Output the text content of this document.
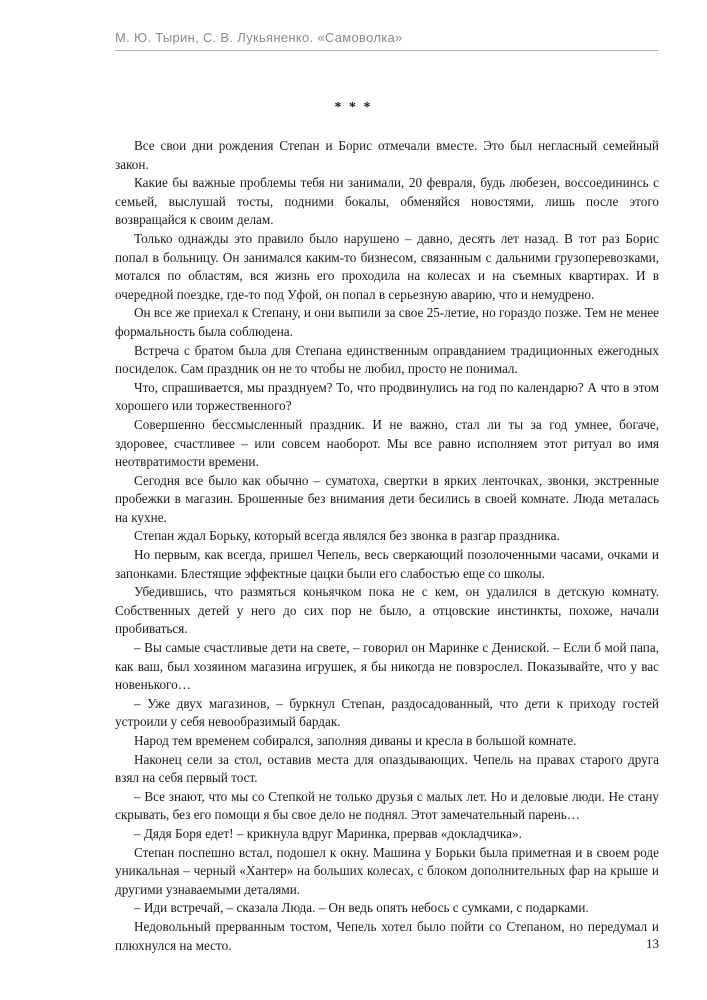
М. Ю. Тырин, С. В. Лукьяненко. «Самоволка»
* * *

Все свои дни рождения Степан и Борис отмечали вместе. Это был негласный семейный закон.

Какие бы важные проблемы тебя ни занимали, 20 февраля, будь любезен, воссоедининсь с семьей, выслушай тосты, подними бокалы, обменяйся новостями, лишь после этого возвращайся к своим делам.

Только однажды это правило было нарушено – давно, десять лет назад. В тот раз Борис попал в больницу. Он занимался каким-то бизнесом, связанным с дальними грузоперевозками, мотался по областям, вся жизнь его проходила на колесах и на съемных квартирах. И в очередной поездке, где-то под Уфой, он попал в серьезную аварию, что и немудрено.

Он все же приехал к Степану, и они выпили за свое 25-летие, но гораздо позже. Тем не менее формальность была соблюдена.

Встреча с братом была для Степана единственным оправданием традиционных ежегодных посиделок. Сам праздник он не то чтобы не любил, просто не понимал.

Что, спрашивается, мы празднуем? То, что продвинулись на год по календарю? А что в этом хорошего или торжественного?

Совершенно бессмысленный праздник. И не важно, стал ли ты за год умнее, богаче, здоровее, счастливее – или совсем наоборот. Мы все равно исполняем этот ритуал во имя неотвратимости времени.

Сегодня все было как обычно – суматоха, свертки в ярких ленточках, звонки, экстренные пробежки в магазин. Брошенные без внимания дети бесились в своей комнате. Люда металась на кухне.

Степан ждал Борьку, который всегда являлся без звонка в разгар праздника.

Но первым, как всегда, пришел Чепель, весь сверкающий позолоченными часами, очками и запонками. Блестящие эффектные цацки были его слабостью еще со школы.

Убедившись, что размяться коньячком пока не с кем, он удалился в детскую комнату. Собственных детей у него до сих пор не было, а отцовские инстинкты, похоже, начали пробиваться.

– Вы самые счастливые дети на свете, – говорил он Маринке с Дениской. – Если б мой папа, как ваш, был хозяином магазина игрушек, я бы никогда не повзрослел. Показывайте, что у вас новенького…

– Уже двух магазинов, – буркнул Степан, раздосадованный, что дети к приходу гостей устроили у себя невообразимый бардак.

Народ тем временем собирался, заполняя диваны и кресла в большой комнате.

Наконец сели за стол, оставив места для опаздывающих. Чепель на правах старого друга взял на себя первый тост.

– Все знают, что мы со Степкой не только друзья с малых лет. Но и деловые люди. Не стану скрывать, без его помощи я бы свое дело не поднял. Этот замечательный парень…

– Дядя Боря едет! – крикнула вдруг Маринка, прервав «докладчика».

Степан поспешно встал, подошел к окну. Машина у Борьки была приметная и в своем роде уникальная – черный «Хантер» на больших колесах, с блоком дополнительных фар на крыше и другими узнаваемыми деталями.

– Иди встречай, – сказала Люда. – Он ведь опять небось с сумками, с подарками.

Недовольный прерванным тостом, Чепель хотел было пойти со Степаном, но передумал и плюхнулся на место.	13
